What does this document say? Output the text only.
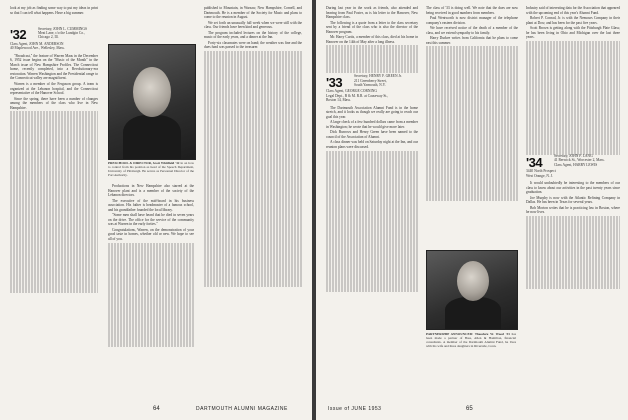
look at my job as finding some way to put my ideas in print so that I can tell what happens. Have a big summer.

'32	Secretary, JOHN L. CUMMINGS
Meat Lane, c/o the Lundgin Co.,
Chicago 2, Ill.
Class Agent, JOHN M. ANDERSON
40 Maplewood Ave., Wellesley, Mass.

"Broadcast," the feature of Warren Maas in the December 6, 1952 issue begins on the "Music of the Month" in the March issue of New Hampshire Profiles. The Connecticut home, recently completed, into a Revolutionary-era restoration. Warren Washington and the Presidential range to the Connecticut valley are magnificent.

Warren is a member of the Ferguson group. A team is organized at the Lebanon hospital, and the Connecticut representative of the Hanover School.

Since the spring, there have been a number of changes among the members of the class who live in New Hampshire.

PRESCHOOL & DIRECTOR, Scott Whitfield '32 in on how to control from his position as head of the Speech Department, University of Pittsburgh. He serves as Personnel Director of the Port Authority.

Productions in New Hampshire also starred at the Hanover plant and is a member of the society of the Lebanon directors.

The executive of the mid-board in his business association. His father is headmaster of a famous school, and his grandfather founded the local library.

"Some men shall have heard that he died in seven years on the drive. The office for the service of the community was at Warren in the early forties."

Congratulations, Warren, on the demonstration of your good taste in homes, whether old or new. We hope to see all of you.

published to Mountain, in Warsaw, New Hampshire, Cornell, and Dartmouth. He is a member of the Society for Music and plans to come to the reunion in August.

We set forth an unusually full week when we were still with the class. Our friends have been kind and generous.

The program included lectures on the history of the college, music of the early years, and a dinner at the Inn.

Forty-six classmates were on hand; the weather was fine and the dues fund was passed to the treasurer.

64	DARTMOUTH ALUMNI MAGAZINE

During last year in the work as friends, also attended and hearing from Paul Foster, as is his letter to the Hanover, New Hampshire class.

The following is a quote from a letter to the class secretary sent by a friend of the class who is also the director of the Hanover program.

Mr. Harry Curtis, a member of this class, died at his home in Hanover on the 14th of May after a long illness.

'33	Secretary, HENRY F. GREEN Jr.
211 Greenberry Street,
South Yarmouth, N.Y.
Class Agent, GEORGE CORNING
Legal Dept., B & M. R.R. at Causeway St.,
Boston 14, Mass.

The Dartmouth Association Alumni Fund is in the home stretch, and it looks as though we really are going to reach our goal this year.

A large check of a few hundred dollars came from a member in Washington; he wrote that he would give more later.

Dick Burrows and Henry Green have been named to the council of the Association of Alumni.

A class dinner was held on Saturday night at the Inn, and our reunion plans were discussed.

The class of '33 is doing well. We note that the dues are now being received in good numbers from members.

Paul Wentworth is now district manager of the telephone company's eastern division.

We have received notice of the death of a member of the class, and we extend sympathy to his family.

Harry Durkee writes from California that he plans to come east this summer.

PARTNERSHIP ANNOUNCED: Theodore W. Wood '33 has been made a partner of Bass, Allen & Hamilton, financial consultants. A member of the Dartmouth Alumni Fund, he lives with his wife and three daughters in Riverside, Conn.

Industry said of interesting data for the Association that appeared with the upcoming end of this year's Alumni Fund.

Robert P. Conrad, Jr. is with the Nemours Company in their plant at Dow, and has been for the past five years.

Scott Brown is getting along with the Pittsburgh Plate Glass; he has been living in Ohio and Michigan over the last three years.

'34	Secretary, JOHN F. LANG
41 Berwick St., Worcester 2, Mass.
Class Agent, HARRY LEWIS
3440 North Prospect
West Orange, N. J.

It would undoubtedly be interesting to the members of our class to know about our activities in the past twenty years since graduation.

Joe Murphy is now with the Atlantic Refining Company in Dallas. He has been in Texas for several years.

Bob Morton writes that he is practicing law in Boston, where he now lives.

Issue of JUNE 1953	65
